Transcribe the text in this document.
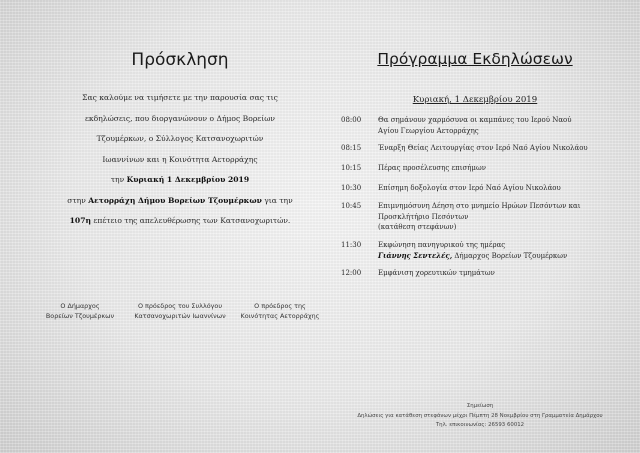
Πρόσκληση

Σας καλούμε να τιμήσετε με την παρουσία σας τις

εκδηλώσεις, που διοργανώνουν ο Δήμος Βορείων

Τζουμέρκων, ο Σύλλογος Κατσανοχωριτών

Ιωαννίνων και η Κοινότητα Αετορράχης

την Κυριακή 1 Δεκεμβρίου 2019

στην Αετορράχη Δήμου Βορείων Τζουμέρκων για την

107η επέτειο της απελευθέρωσης των Κατσανοχωριτών.

Ο Δήμαρχος
Βορείων Τζουμέρκων
Ο πρόεδρος του Συλλόγου
Κατσανοχωριτών Ιωαννίνων
Ο πρόεδρος της
Κοινότητας Αετορράχης
Πρόγραμμα Εκδηλώσεων
Κυριακή, 1 Δεκεμβρίου 2019
08:00	Θα σημάνουν χαρμόσυνα οι καμπάνες του Ιερού Ναού
Αγίου Γεωργίου Αετορράχης
08:15	Έναρξη Θείας Λειτουργίας στον Ιερό Ναό Αγίου Νικολάου
10:15	Πέρας προσέλευσης επισήμων
10:30	Επίσημη δοξολογία στον Ιερό Ναό Αγίου Νικολάου
10:45	Επιμνημόσυνη Δέηση στο μνημείο Ηρώων Πεσόντων και
Προσκλήτήριο Πεσόντων
(κατάθεση στεφάνων)
11:30	Εκφώνηση πανηγυρικού της ημέρας
Γιάννης Σεντελές, Δήμαρχος Βορείων Τζουμέρκων
12:00	Εμφάνιση χορευτικών τμημάτων
Σημείωση
Δηλώσεις για κατάθεση στεφάνων μέχρι Πέμπτη 28 Νοεμβρίου στη Γραμματεία Δημάρχου
Τηλ. επικοινωνίας: 26593 60012
